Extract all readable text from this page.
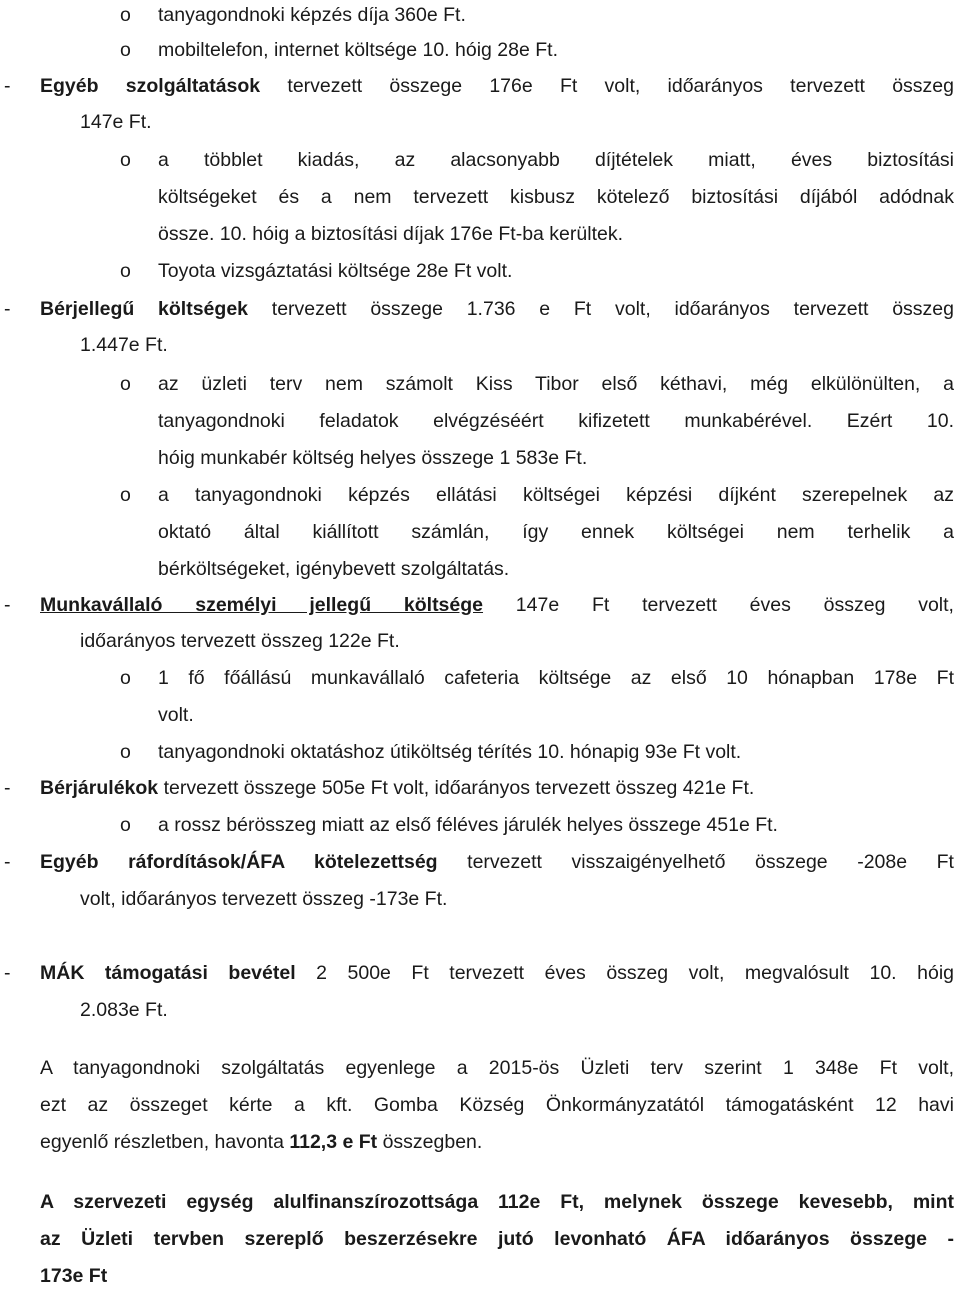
o tanyagondnoki képzés díja 360e Ft.
o mobiltelefon, internet költsége 10. hóig 28e Ft.
- Egyéb szolgáltatások tervezett összege 176e Ft volt, időarányos tervezett összeg
147e Ft.
o a többlet kiadás, az alacsonyabb díjtételek miatt, éves biztosítási
költségeket és a nem tervezett kisbusz kötelező biztosítási díjából adódnak
össze. 10. hóig a biztosítási díjak 176e Ft-ba kerültek.
o Toyota vizsgáztatási költsége 28e Ft volt.
- Bérjellegű költségek tervezett összege 1.736 e Ft volt, időarányos tervezett összeg
1.447e Ft.
o az üzleti terv nem számolt Kiss Tibor első kéthavi, még elkülönülten, a
tanyagondnoki feladatok elvégzéséért kifizetett munkabérével. Ezért 10.
hóig munkabér költség helyes összege 1 583e Ft.
o a tanyagondnoki képzés ellátási költségei képzési díjként szerepelnek az
oktató által kiállított számlán, így ennek költségei nem terhelik a
bérköltségeket, igénybevett szolgáltatás.
- Munkavállaló személyi jellegű költsége 147e Ft tervezett éves összeg volt,
időarányos tervezett összeg 122e Ft.
o 1 fő főállású munkavállaló cafeteria költsége az első 10 hónapban 178e Ft
volt.
o tanyagondnoki oktatáshoz útiköltség térítés 10. hónapig 93e Ft volt.
- Bérjárulékok tervezett összege 505e Ft volt, időarányos tervezett összeg 421e Ft.
o a rossz bérösszeg miatt az első féléves járulék helyes összege 451e Ft.
- Egyéb ráfordítások/ÁFA kötelezettség tervezett visszaigényelhető összege -208e Ft
volt, időarányos tervezett összeg -173e Ft.
- MÁK támogatási bevétel 2 500e Ft tervezett éves összeg volt, megvalósult 10. hóig
2.083e Ft.
A tanyagondnoki szolgáltatás egyenlege a 2015-ös Üzleti terv szerint 1 348e Ft volt,
ezt az összeget kérte a kft. Gomba Község Önkormányzatától támogatásként 12 havi
egyenlő részletben, havonta 112,3 e Ft összegben.
A szervezeti egység alulfinanszírozottsága 112e Ft, melynek összege kevesebb, mint
az Üzleti tervben szereplő beszerzésekre jutó levonható ÁFA időarányos összege -
173e Ft
